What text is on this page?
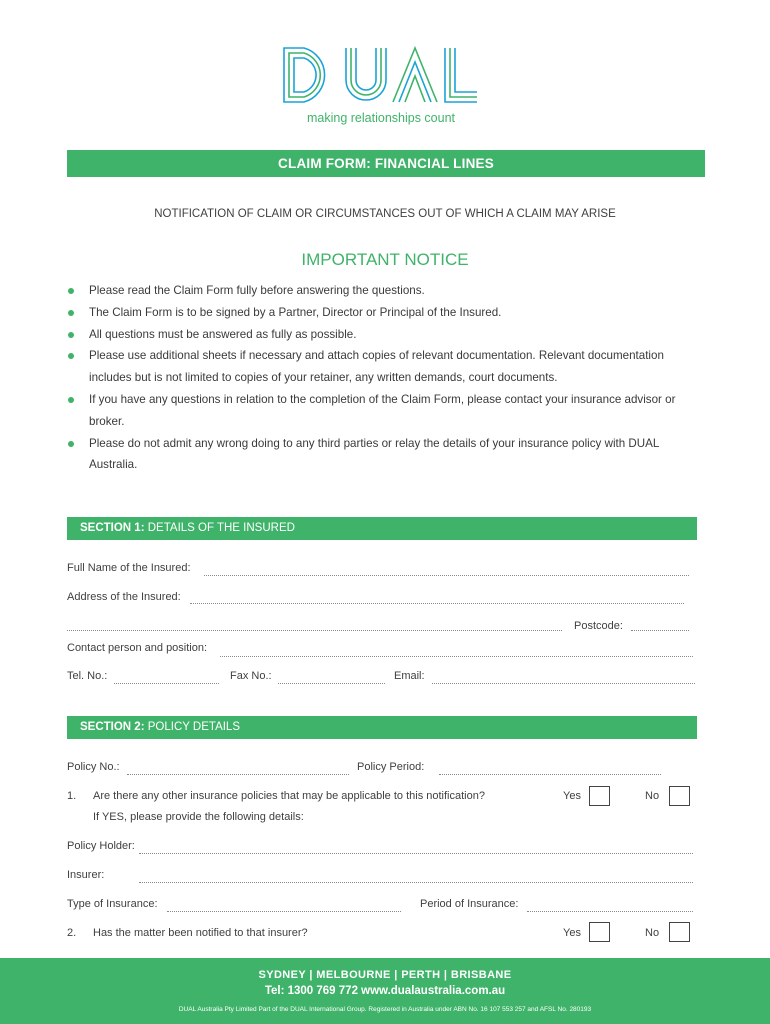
making relationships count
CLAIM FORM: FINANCIAL LINES
NOTIFICATION OF CLAIM OR CIRCUMSTANCES OUT OF WHICH A CLAIM MAY ARISE
IMPORTANT NOTICE
Please read the Claim Form fully before answering the questions.
The Claim Form is to be signed by a Partner, Director or Principal of the Insured.
All questions must be answered as fully as possible.
Please use additional sheets if necessary and attach copies of relevant documentation. Relevant documentation includes but is not limited to copies of your retainer, any written demands, court documents.
If you have any questions in relation to the completion of the Claim Form, please contact your insurance advisor or broker.
Please do not admit any wrong doing to any third parties or relay the details of your insurance policy with DUAL Australia.
SECTION 1: DETAILS OF THE INSURED
Full Name of the Insured:
Address of the Insured:
Postcode:
Contact person and position:
Tel. No.:	Fax No.:	Email:
SECTION 2: POLICY DETAILS
Policy No.:	Policy Period:
1. Are there any other insurance policies that may be applicable to this notification?	Yes	No
If YES, please provide the following details:
Policy Holder:
Insurer:
Type of Insurance:	Period of Insurance:
2. Has the matter been notified to that insurer?	Yes	No
SYDNEY | MELBOURNE | PERTH | BRISBANE
Tel: 1300 769 772 www.dualaustralia.com.au
DUAL Australia Pty Limited Part of the DUAL International Group. Registered in Australia under ABN No. 16 107 553 257 and AFSL No. 280193
